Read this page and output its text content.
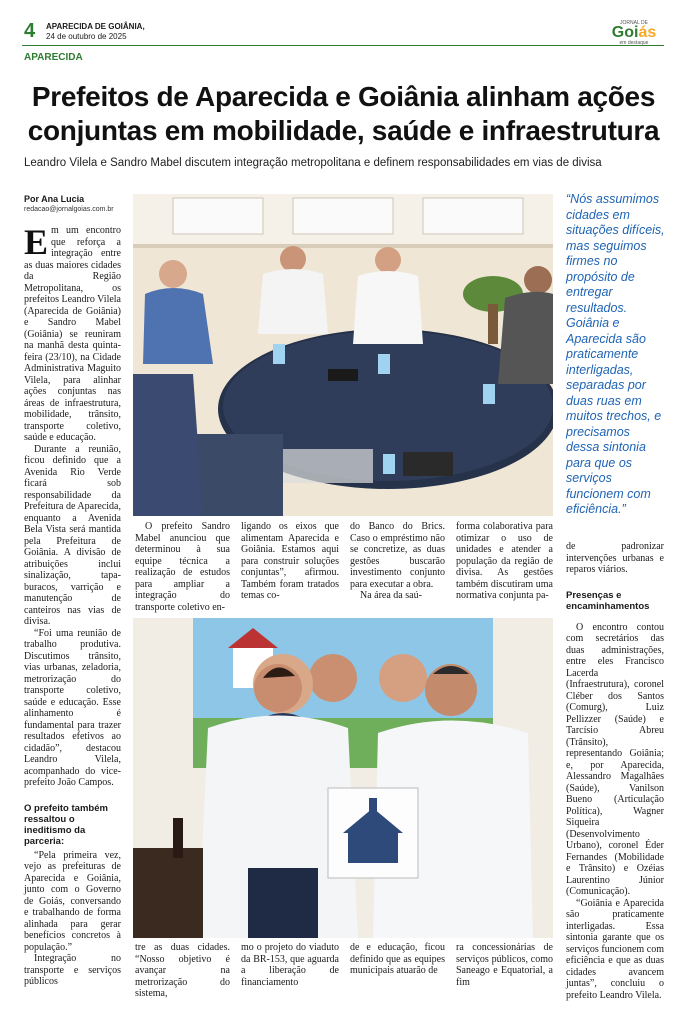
4 APARECIDA DE GOIÂNIA,
24 de outubro de 2025
JORNAL DE
Goiás
em destaque
APARECIDA
Prefeitos de Aparecida e Goiânia alinham ações conjuntas em mobilidade, saúde e infraestrutura
Leandro Vilela e Sandro Mabel discutem integração metropolitana e definem responsabilidades em vias de divisa
Por Ana Lucia
redacao@jornalgoias.com.br

Em um encontro que reforça a integração entre as duas maiores cidades da Região Metropolitana, os prefeitos Leandro Vilela (Aparecida de Goiânia) e Sandro Mabel (Goiânia) se reuniram na manhã desta quinta-feira (23/10), na Cidade Administrativa Maguito Vilela, para alinhar ações conjuntas nas áreas de infraestrutura, mobilidade, trânsito, transporte coletivo, saúde e educação.

Durante a reunião, ficou definido que a Avenida Rio Verde ficará sob responsabilidade da Prefeitura de Aparecida, enquanto a Avenida Bela Vista será mantida pela Prefeitura de Goiânia. A divisão de atribuições inclui sinalização, tapa-buracos, varrição e manutenção de canteiros nas vias de divisa.

“Foi uma reunião de trabalho produtiva. Discutimos trânsito, vias urbanas, zeladoria, metrorização do transporte coletivo, saúde e educação. Esse alinhamento é fundamental para trazer resultados efetivos ao cidadão”, destacou Leandro Vilela, acompanhado do vice-prefeito João Campos.

O prefeito também ressaltou o ineditismo da parceria:

“Pela primeira vez, vejo as prefeituras de Aparecida e Goiânia, junto com o Governo de Goiás, conversando e trabalhando de forma alinhada para gerar benefícios concretos à população.”

Integração no transporte e serviços públicos

“Nós assumimos cidades em situações difíceis, mas seguimos firmes no propósito de entregar resultados. Goiânia e Aparecida são praticamente interligadas, separadas por duas ruas em muitos trechos, e precisamos dessa sintonia para que os serviços funcionem com eficiência.”

O prefeito Sandro Mabel anunciou que determinou à sua equipe técnica a realização de estudos para ampliar a integração do transporte coletivo en-

ligando os eixos que alimentam Aparecida e Goiânia. Estamos aqui para construir soluções conjuntas”, afirmou. Também foram tratados temas co-

do Banco do Brics. Caso o empréstimo não se concretize, as duas gestões buscarão investimento conjunto para executar a obra.

Na área da saú-

forma colaborativa para otimizar o uso de unidades e atender a população da região de divisa. As gestões também discutiram uma normativa conjunta pa-

tre as duas cidades. “Nosso objetivo é avançar na metrorização do sistema,

mo o projeto do viaduto da BR-153, que aguarda a liberação de financiamento

de e educação, ficou definido que as equipes municipais atuarão de

ra concessionárias de serviços públicos, como Saneago e Equatorial, a fim

de padronizar intervenções urbanas e reparos viários.

Presenças e encaminhamentos

O encontro contou com secretários das duas administrações, entre eles Francisco Lacerda (Infraestrutura), coronel Cléber dos Santos (Comurg), Luiz Pellizzer (Saúde) e Tarcísio Abreu (Trânsito), representando Goiânia; e, por Aparecida, Alessandro Magalhães (Saúde), Vanilson Bueno (Articulação Política), Wagner Siqueira (Desenvolvimento Urbano), coronel Éder Fernandes (Mobilidade e Trânsito) e Ozéias Laurentino Júnior (Comunicação).

“Goiânia e Aparecida são praticamente interligadas. Essa sintonia garante que os serviços funcionem com eficiência e que as duas cidades avancem juntas”, concluiu o prefeito Leandro Vilela.
